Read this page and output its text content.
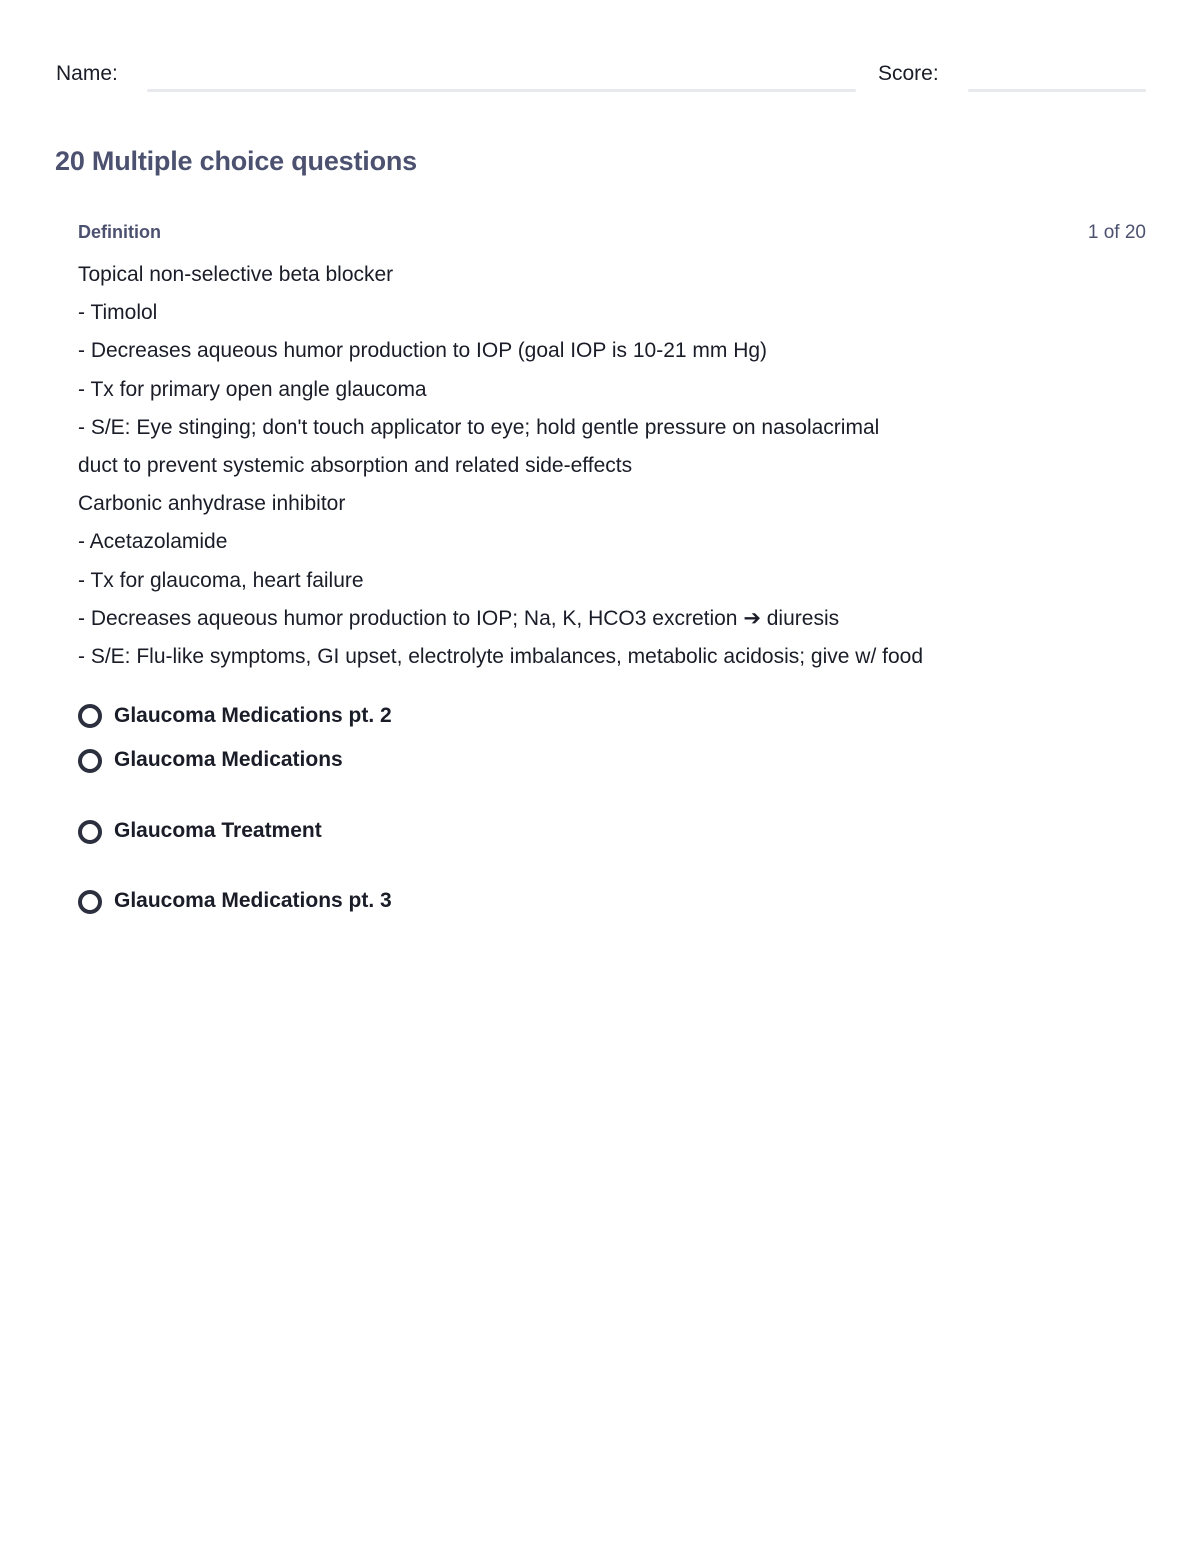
Name:	Score:
20 Multiple choice questions
Definition	1 of 20
Topical non-selective beta blocker
- Timolol
- Decreases aqueous humor production to IOP (goal IOP is 10-21 mm Hg)
- Tx for primary open angle glaucoma
- S/E: Eye stinging; don't touch applicator to eye; hold gentle pressure on nasolacrimal
duct to prevent systemic absorption and related side-effects
Carbonic anhydrase inhibitor
- Acetazolamide
- Tx for glaucoma, heart failure
- Decreases aqueous humor production to IOP; Na, K, HCO3 excretion ➔ diuresis
- S/E: Flu-like symptoms, GI upset, electrolyte imbalances, metabolic acidosis; give w/ food
Glaucoma Medications pt. 2
Glaucoma Medications
Glaucoma Treatment
Glaucoma Medications pt. 3
